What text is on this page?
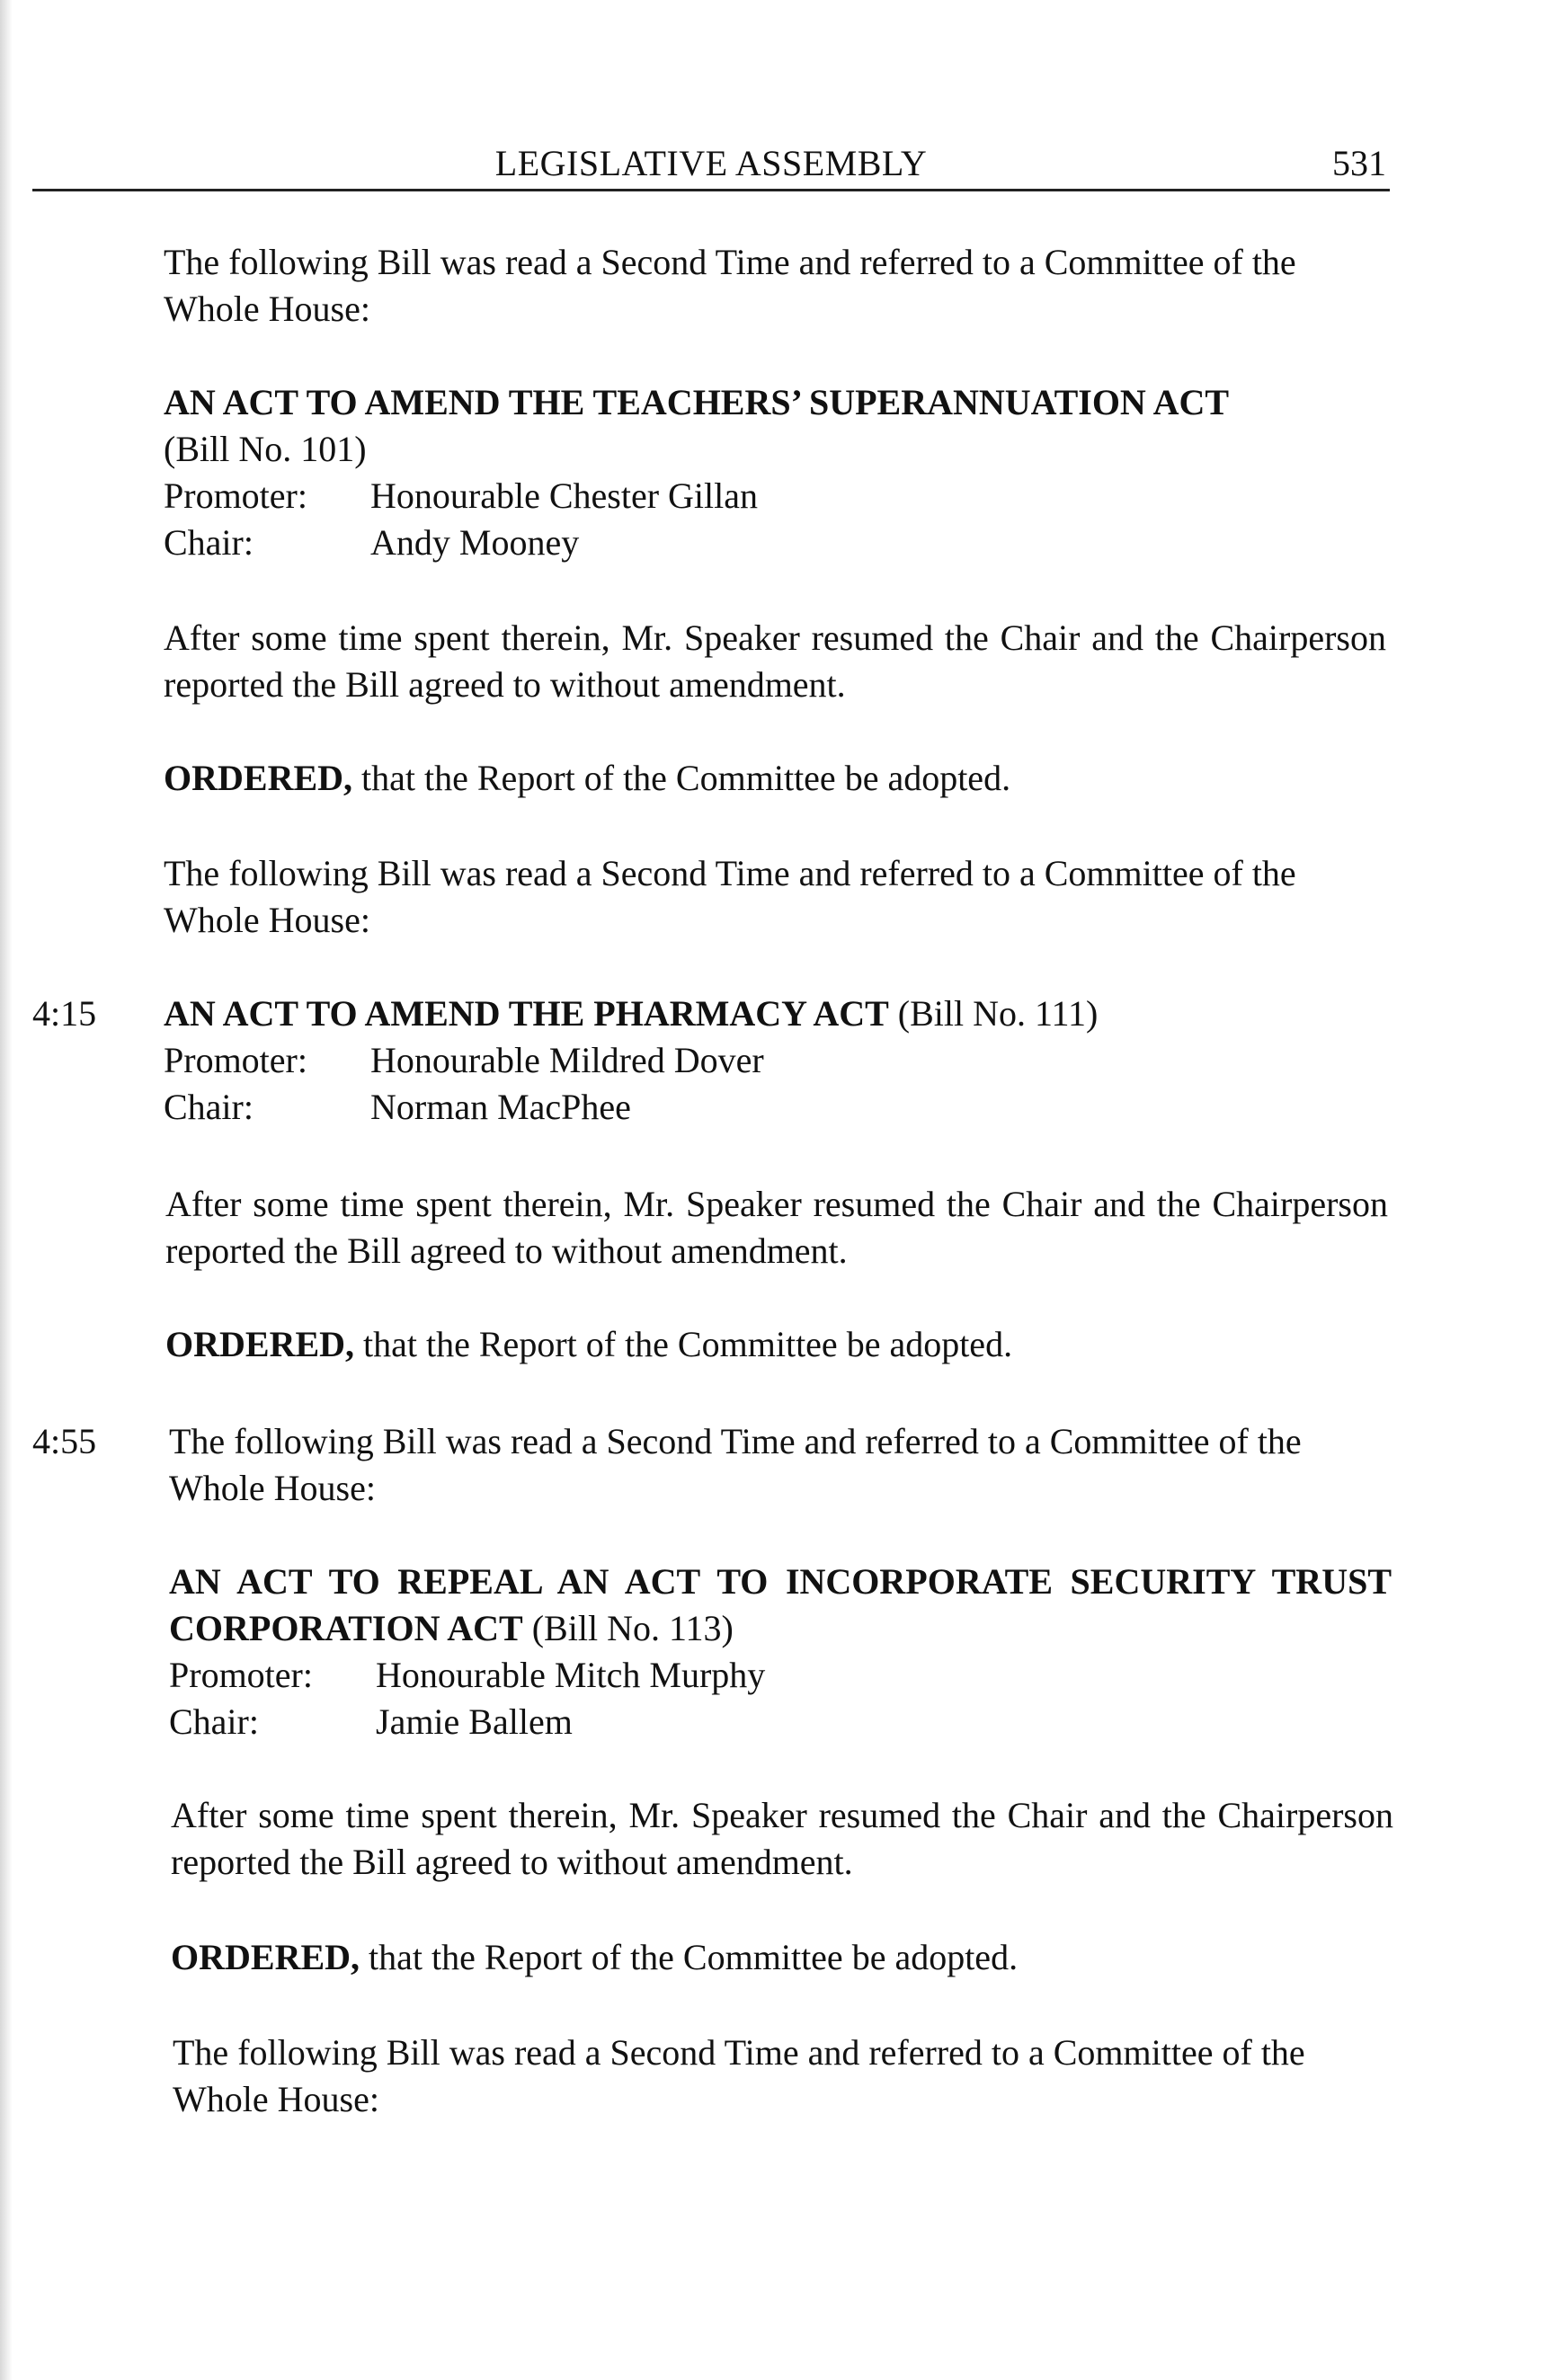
LEGISLATIVE ASSEMBLY	531

The following Bill was read a Second Time and referred to a Committee of the Whole House:

AN ACT TO AMEND THE TEACHERS’ SUPERANNUATION ACT

(Bill No. 101)

Promoter: Honourable Chester Gillan
Chair:	Andy Mooney

After some time spent therein, Mr. Speaker resumed the Chair and the Chairperson reported the Bill agreed to without amendment.

ORDERED, that the Report of the Committee be adopted.

The following Bill was read a Second Time and referred to a Committee of the Whole House:

4:15 AN ACT TO AMEND THE PHARMACY ACT (Bill No. 111)

Promoter: Honourable Mildred Dover
Chair:	Norman MacPhee

After some time spent therein, Mr. Speaker resumed the Chair and the Chairperson reported the Bill agreed to without amendment.

ORDERED, that the Report of the Committee be adopted.

4:55 The following Bill was read a Second Time and referred to a Committee of the Whole House:

AN ACT TO REPEAL AN ACT TO INCORPORATE SECURITY TRUST CORPORATION ACT (Bill No. 113)

Promoter: Honourable Mitch Murphy
Chair:	Jamie Ballem

After some time spent therein, Mr. Speaker resumed the Chair and the Chairperson reported the Bill agreed to without amendment.

ORDERED, that the Report of the Committee be adopted.

The following Bill was read a Second Time and referred to a Committee of the Whole House:
